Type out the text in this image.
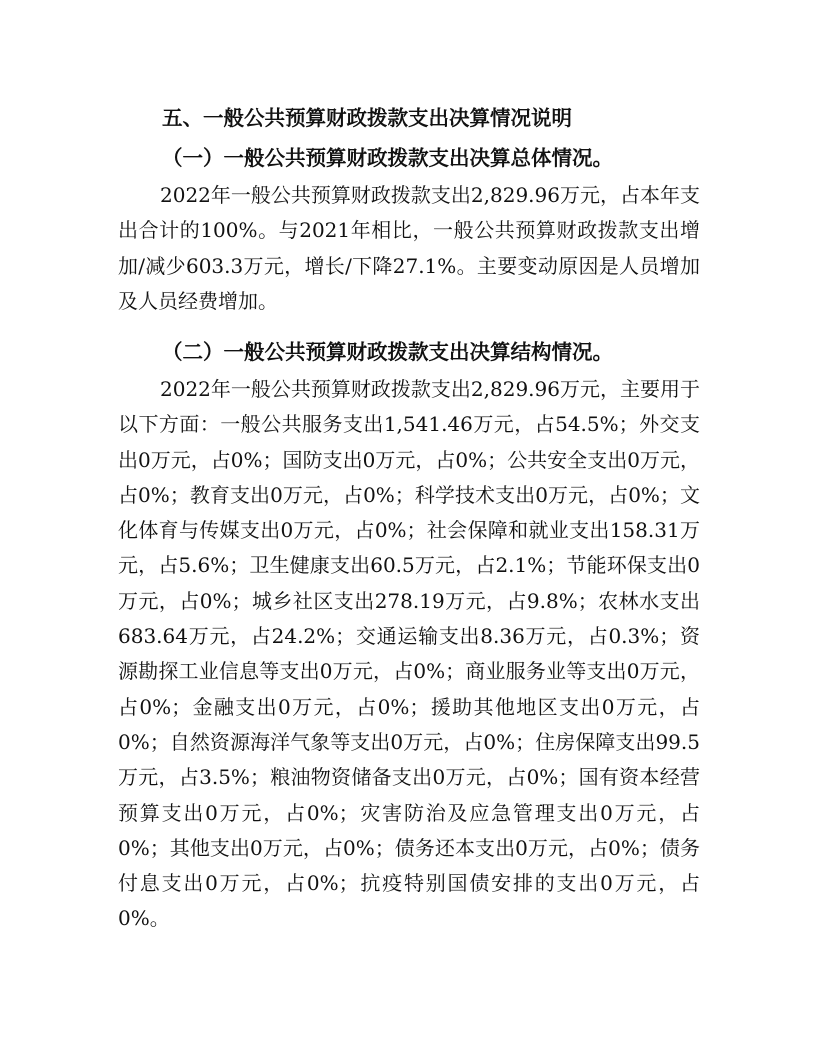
五、一般公共预算财政拨款支出决算情况说明
（一）一般公共预算财政拨款支出决算总体情况。

2022年一般公共预算财政拨款支出2,829.96万元，占本年支出合计的100%。与2021年相比，一般公共预算财政拨款支出增加/减少603.3万元，增长/下降27.1%。主要变动原因是人员增加及人员经费增加。

（二）一般公共预算财政拨款支出决算结构情况。

2022年一般公共预算财政拨款支出2,829.96万元，主要用于以下方面：一般公共服务支出1,541.46万元，占54.5%；外交支出0万元，占0%；国防支出0万元，占0%；公共安全支出0万元，占0%；教育支出0万元，占0%；科学技术支出0万元，占0%；文化体育与传媒支出0万元，占0%；社会保障和就业支出158.31万元，占5.6%；卫生健康支出60.5万元，占2.1%；节能环保支出0万元，占0%；城乡社区支出278.19万元，占9.8%；农林水支出683.64万元，占24.2%；交通运输支出8.36万元，占0.3%；资源勘探工业信息等支出0万元，占0%；商业服务业等支出0万元，占0%；金融支出0万元，占0%；援助其他地区支出0万元，占0%；自然资源海洋气象等支出0万元，占0%；住房保障支出99.5万元，占3.5%；粮油物资储备支出0万元，占0%；国有资本经营预算支出0万元，占0%；灾害防治及应急管理支出0万元，占0%；其他支出0万元，占0%；债务还本支出0万元，占0%；债务付息支出0万元，占0%；抗疫特别国债安排的支出0万元，占0%。
